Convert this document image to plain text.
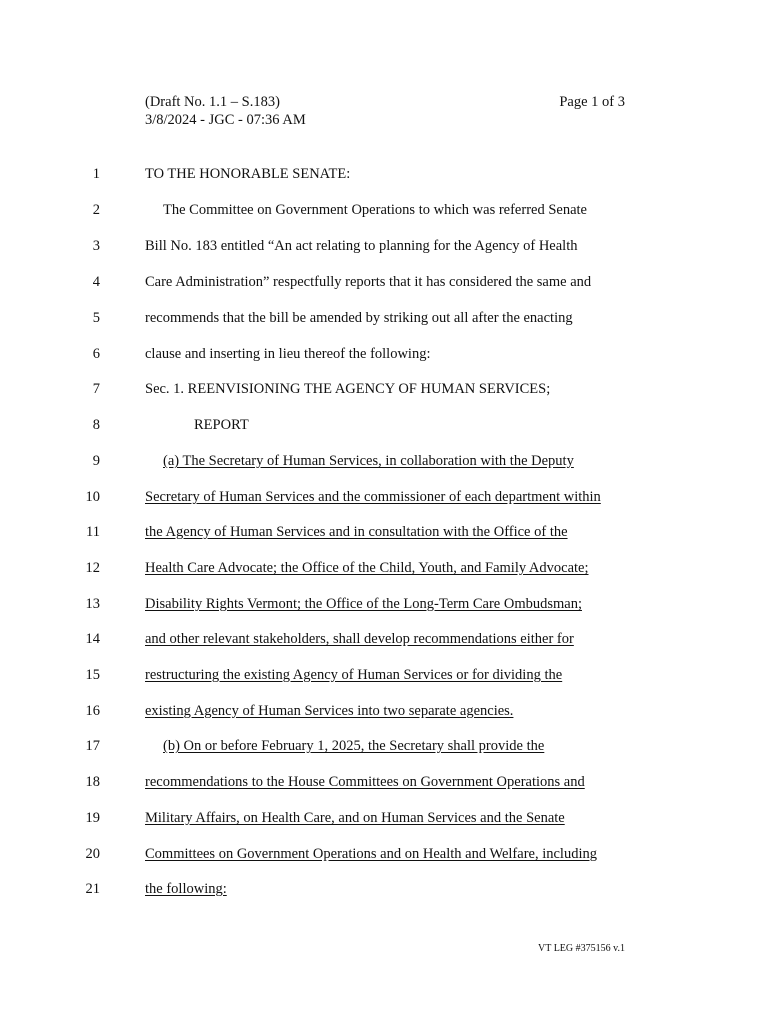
(Draft No. 1.1 – S.183)
3/8/2024 - JGC - 07:36 AM
Page 1 of 3
1	TO THE HONORABLE SENATE:
2	The Committee on Government Operations to which was referred Senate
3	Bill No. 183 entitled “An act relating to planning for the Agency of Health
4	Care Administration” respectfully reports that it has considered the same and
5	recommends that the bill be amended by striking out all after the enacting
6	clause and inserting in lieu thereof the following:
7	Sec. 1. REENVISIONING THE AGENCY OF HUMAN SERVICES;
8	REPORT
9	(a) The Secretary of Human Services, in collaboration with the Deputy
10	Secretary of Human Services and the commissioner of each department within
11	the Agency of Human Services and in consultation with the Office of the
12	Health Care Advocate; the Office of the Child, Youth, and Family Advocate;
13	Disability Rights Vermont; the Office of the Long-Term Care Ombudsman;
14	and other relevant stakeholders, shall develop recommendations either for
15	restructuring the existing Agency of Human Services or for dividing the
16	existing Agency of Human Services into two separate agencies.
17	(b) On or before February 1, 2025, the Secretary shall provide the
18	recommendations to the House Committees on Government Operations and
19	Military Affairs, on Health Care, and on Human Services and the Senate
20	Committees on Government Operations and on Health and Welfare, including
21	the following:
VT LEG #375156 v.1
